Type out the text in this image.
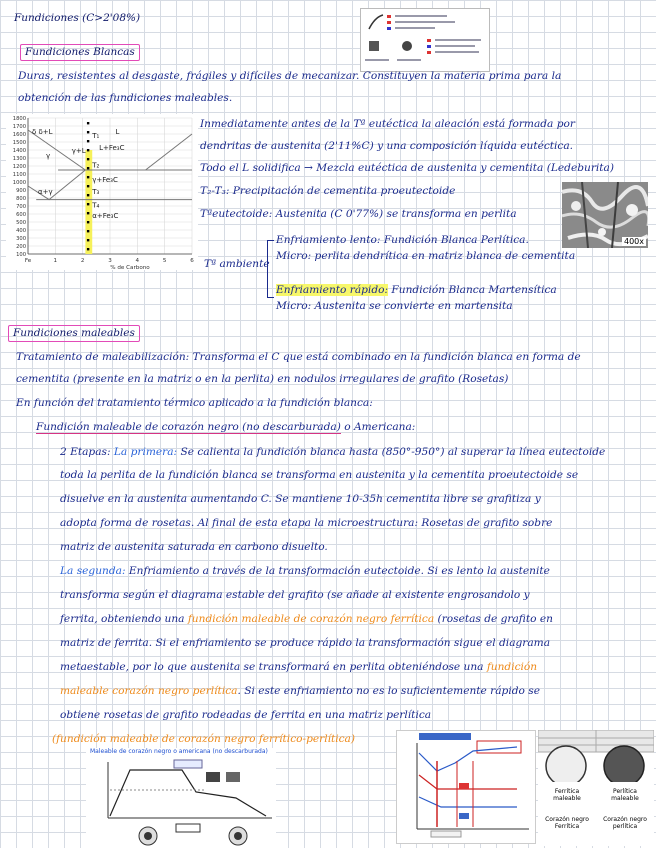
Fundiciones (C>2'08%)
Fundiciones Blancas
Duras, resistentes al desgaste, frágiles y difíciles de mecanizar. Constituyen la materia prima para la
obtención de las fundiciones maleables.
1800
1700
1600
1500
1400
1300
1200
1100
1000
900
800
700
600
500
400
300
200
100
Fe	1	2	3	4	5	6
% de Carbono
δ δ+L
γ
γ+L L+Fe₃C
L
α+γ
γ+Fe₃C
α+Fe₃C
T₁
T₂
T₃
T₄
Inmediatamente antes de la Tª eutéctica la aleación está formada por
dendritas de austenita (2'11%C) y una composición líquida eutéctica.
Todo el L solidifica → Mezcla eutéctica de austenita y cementita (Ledeburita)
T₂-T₃: Precipitación de cementita proeutectoide
Tªeutectoide: Austenita (C 0'77%) se transforma en perlita
400x
Tª ambiente
Enfriamiento lento: Fundición Blanca Perlítica.
Micro: perlita dendrítica en matriz blanca de cementita
Enfriamiento rápido: Fundición Blanca Martensítica
Micro: Austenita se convierte en martensita
Fundiciones maleables
Tratamiento de maleabilización: Transforma el C que está combinado en la fundición blanca en forma de
cementita (presente en la matriz o en la perlita) en nodulos irregulares de grafito (Rosetas)
En función del tratamiento térmico aplicado a la fundición blanca:
Fundición maleable de corazón negro (no descarburada) o Americana:
2 Etapas: La primera: Se calienta la fundición blanca hasta (850°-950°) al superar la línea eutectoide
toda la perlita de la fundición blanca se transforma en austenita y la cementita proeutectoide se
disuelve en la austenita aumentando C. Se mantiene 10-35h cementita libre se grafitiza y
adopta forma de rosetas. Al final de esta etapa la microestructura: Rosetas de grafito sobre
matriz de austenita saturada en carbono disuelto.
La segunda: Enfriamiento a través de la transformación eutectoide. Si es lento la austenite
transforma según el diagrama estable del grafito (se añade al existente engrosandolo y
ferrita, obteniendo una fundición maleable de corazón negro ferrítica (rosetas de grafito en
matriz de ferrita. Si el enfriamiento se produce rápido la transformación sigue el diagrama
metaestable, por lo que austenita se transformará en perlita obteniéndose una fundición
maleable corazón negro perlítica. Si este enfriamiento no es lo suficientemente rápido se
obtiene rosetas de grafito rodeadas de ferrita en una matriz perlítica
(fundición maleable de corazón negro ferrítico-perlítica)
Maleable de corazón negro o americana (no descarburada)
Ferrítica maleable
Perlítica maleable
Corazón negro Ferrítica
Corazón negro perlítica
